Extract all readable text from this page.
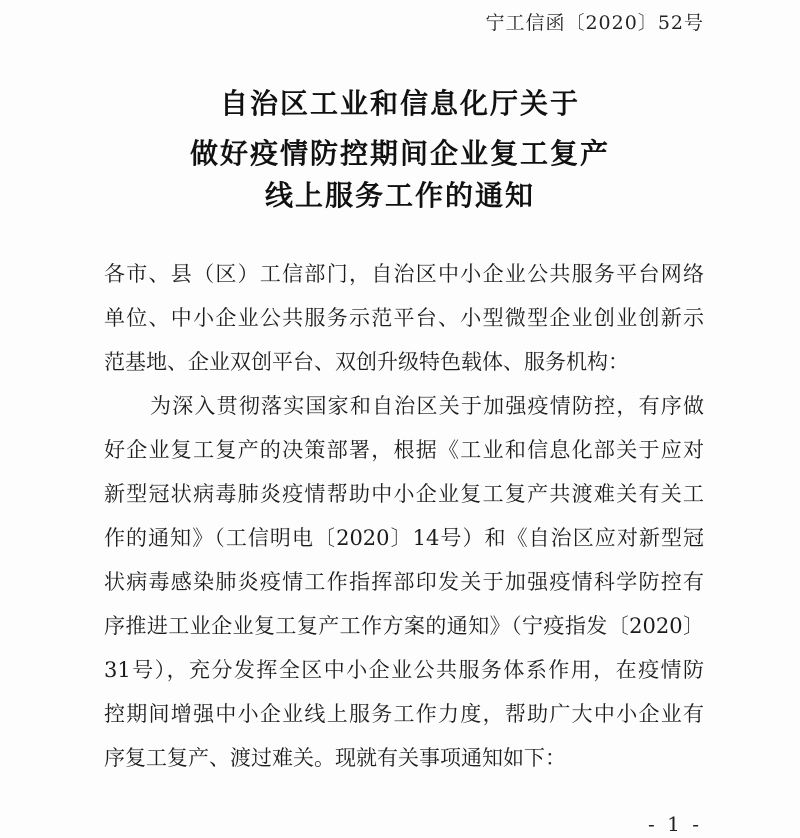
宁工信函〔2020〕52号
自治区工业和信息化厅关于
做好疫情防控期间企业复工复产
线上服务工作的通知
各市、县（区）工信部门，自治区中小企业公共服务平台网络
单位、中小企业公共服务示范平台、小型微型企业创业创新示
范基地、企业双创平台、双创升级特色载体、服务机构：
为深入贯彻落实国家和自治区关于加强疫情防控，有序做
好企业复工复产的决策部署，根据《工业和信息化部关于应对
新型冠状病毒肺炎疫情帮助中小企业复工复产共渡难关有关工
作的通知》（工信明电〔2020〕14号）和《自治区应对新型冠
状病毒感染肺炎疫情工作指挥部印发关于加强疫情科学防控有
序推进工业企业复工复产工作方案的通知》（宁疫指发〔2020〕
31号），充分发挥全区中小企业公共服务体系作用，在疫情防
控期间增强中小企业线上服务工作力度，帮助广大中小企业有
序复工复产、渡过难关。现就有关事项通知如下：
- 1 -
